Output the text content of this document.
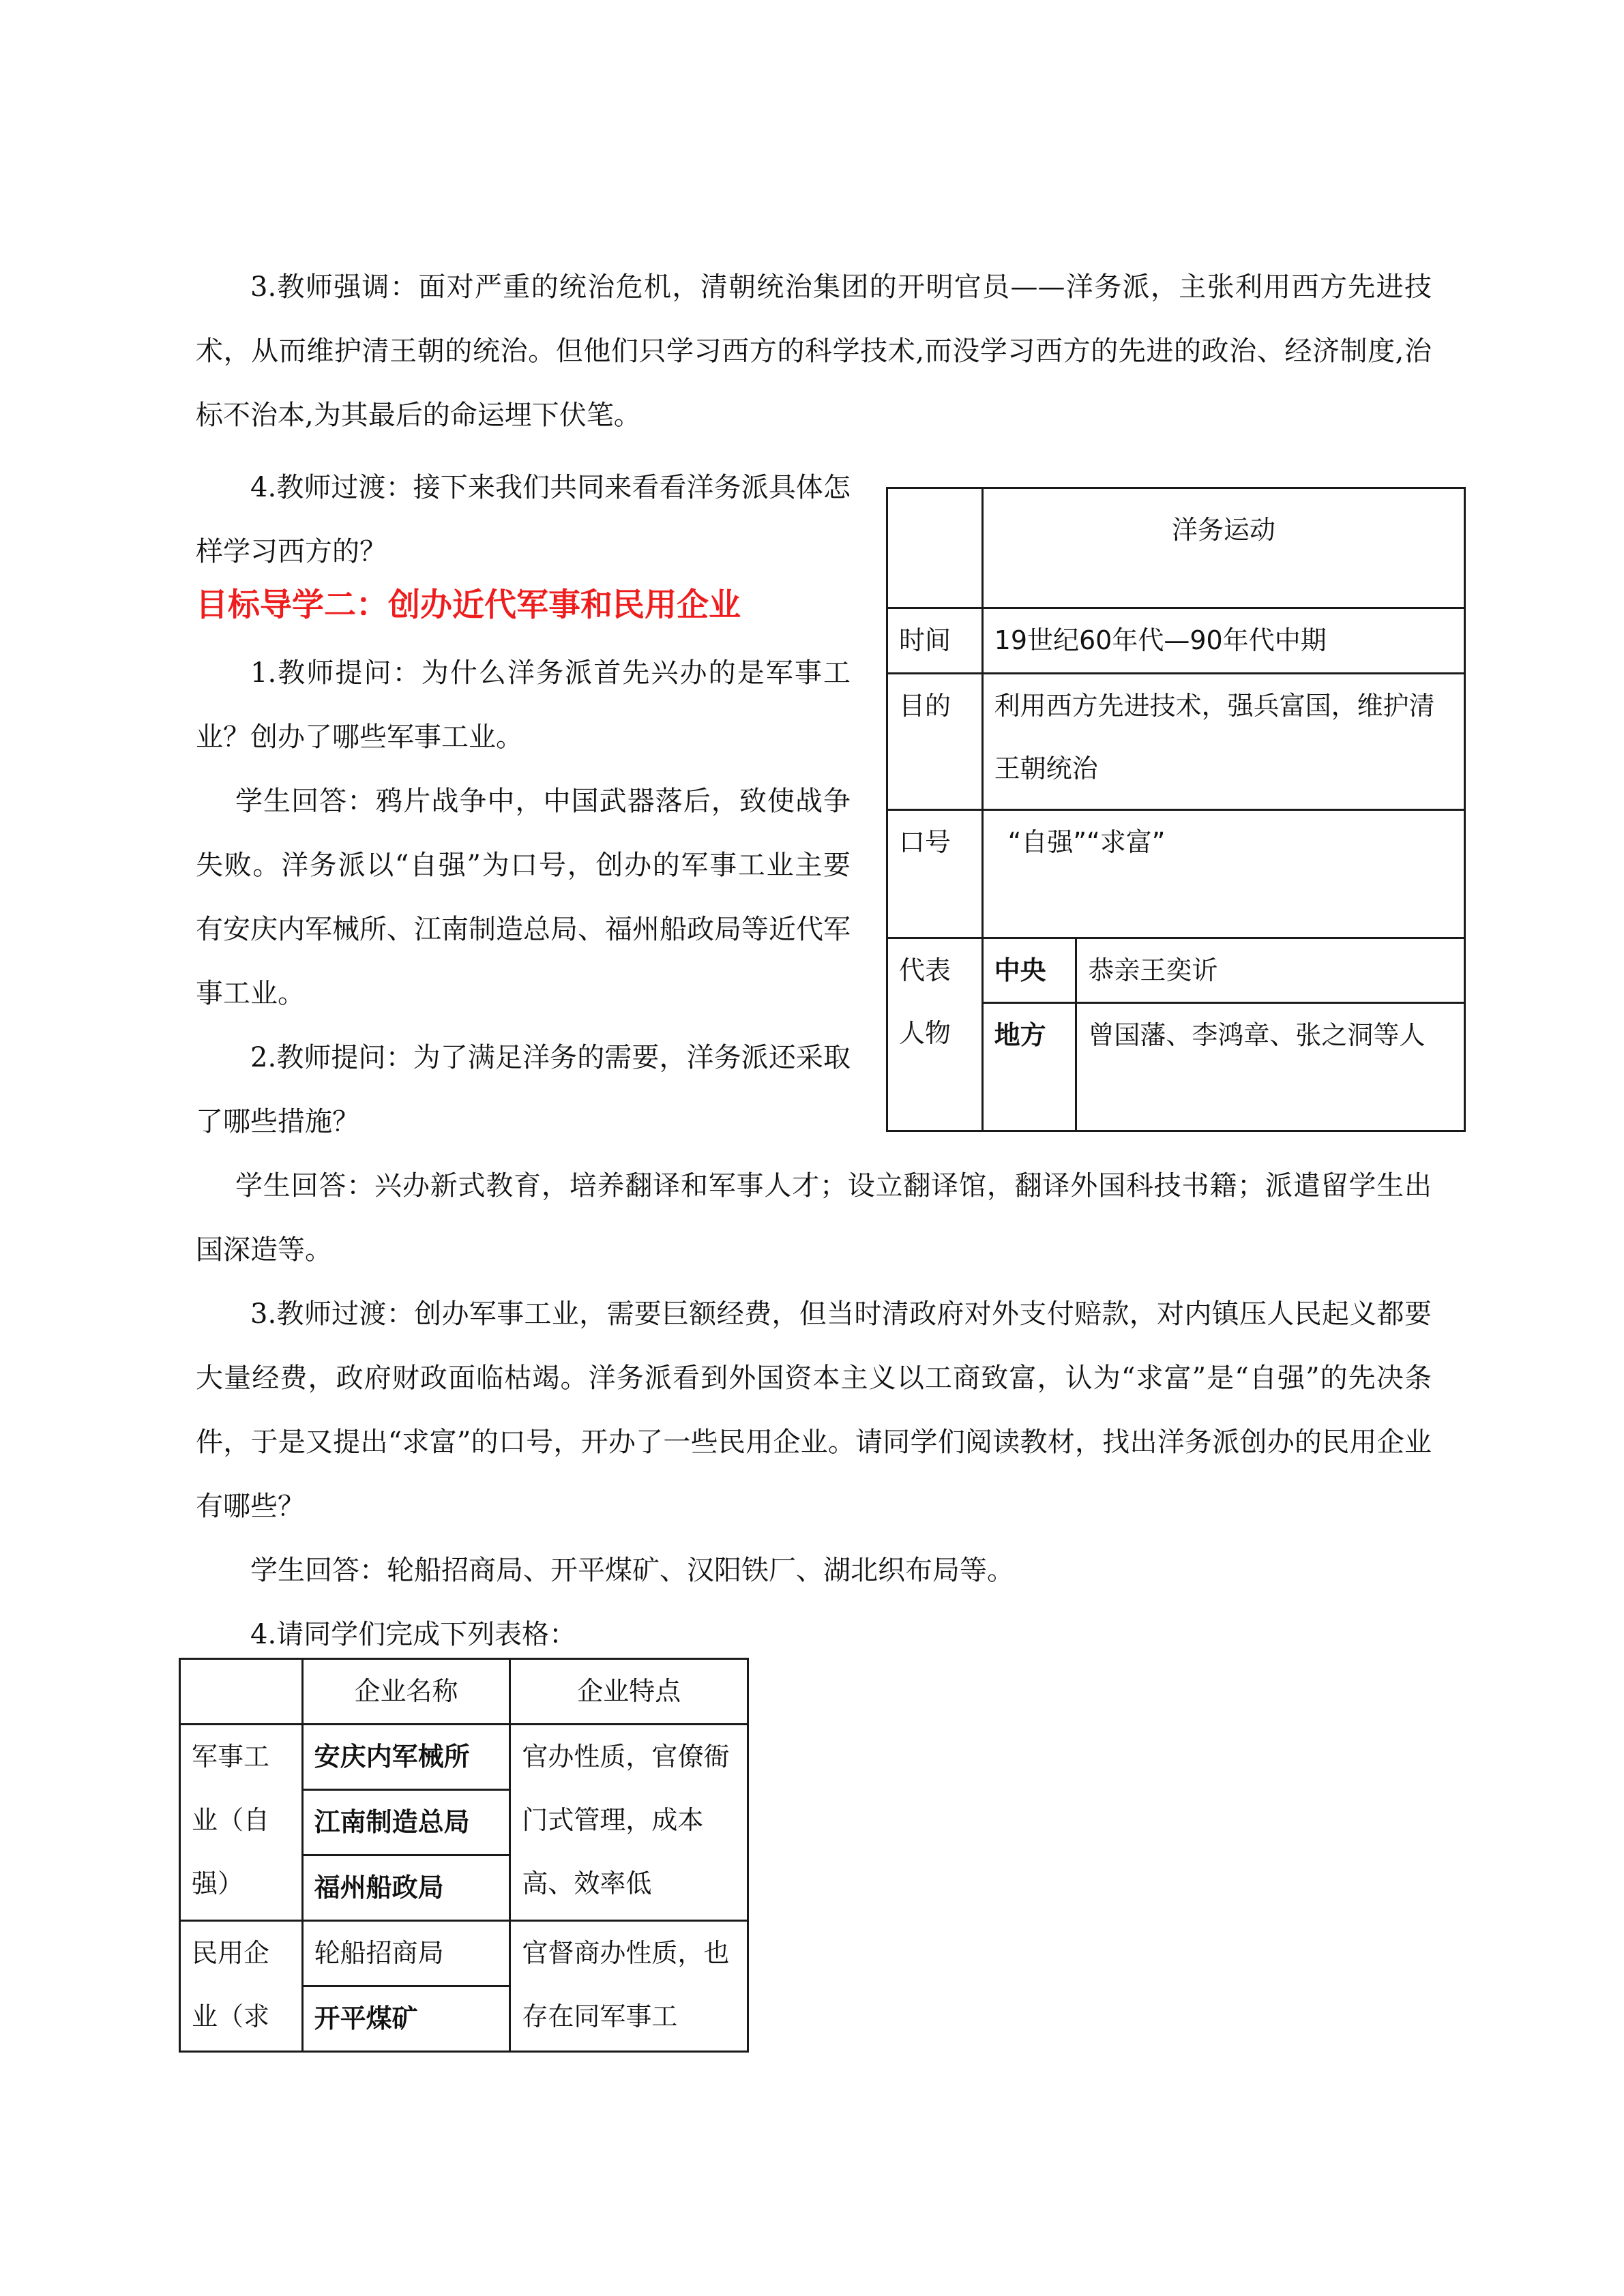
3.教师强调：面对严重的统治危机，清朝统治集团的开明官员——洋务派，主张利用西方先进技术，从而维护清王朝的统治。但他们只学习西方的科学技术,而没学习西方的先进的政治、经济制度,治标不治本,为其最后的命运埋下伏笔。

4.教师过渡：接下来我们共同来看看洋务派具体怎样学习西方的？

目标导学二：创办近代军事和民用企业

1.教师提问：为什么洋务派首先兴办的是军事工业？创办了哪些军事工业。

学生回答：鸦片战争中，中国武器落后，致使战争失败。洋务派以“自强”为口号，创办的军事工业主要有安庆内军械所、江南制造总局、福州船政局等近代军事工业。

2.教师提问：为了满足洋务的需要，洋务派还采取了哪些措施？

学生回答：兴办新式教育，培养翻译和军事人才；设立翻译馆，翻译外国科技书籍；派遣留学生出国深造等。

3.教师过渡：创办军事工业，需要巨额经费，但当时清政府对外支付赔款，对内镇压人民起义都要大量经费，政府财政面临枯竭。洋务派看到外国资本主义以工商致富，认为“求富”是“自强”的先决条件，于是又提出“求富”的口号，开办了一些民用企业。请同学们阅读教材，找出洋务派创办的民用企业有哪些？

学生回答：轮船招商局、开平煤矿、汉阳铁厂、湖北织布局等。

4.请同学们完成下列表格：

	洋务运动	
时间	19世纪60年代—90年代中期	
目的	利用西方先进技术，强兵富国，维护清王朝统治	
口号	“自强”“求富”	
代表人物	中央	恭亲王奕䜣
	地方	曾国藩、李鸿章、张之洞等人
	企业名称	企业特点
军事工业（自强）	安庆内军械所	官办性质，官僚衙门式管理，成本高、效率低
	江南制造总局	
	福州船政局	
民用企业（求	轮船招商局	官督商办性质，也存在同军事工
	开平煤矿	
